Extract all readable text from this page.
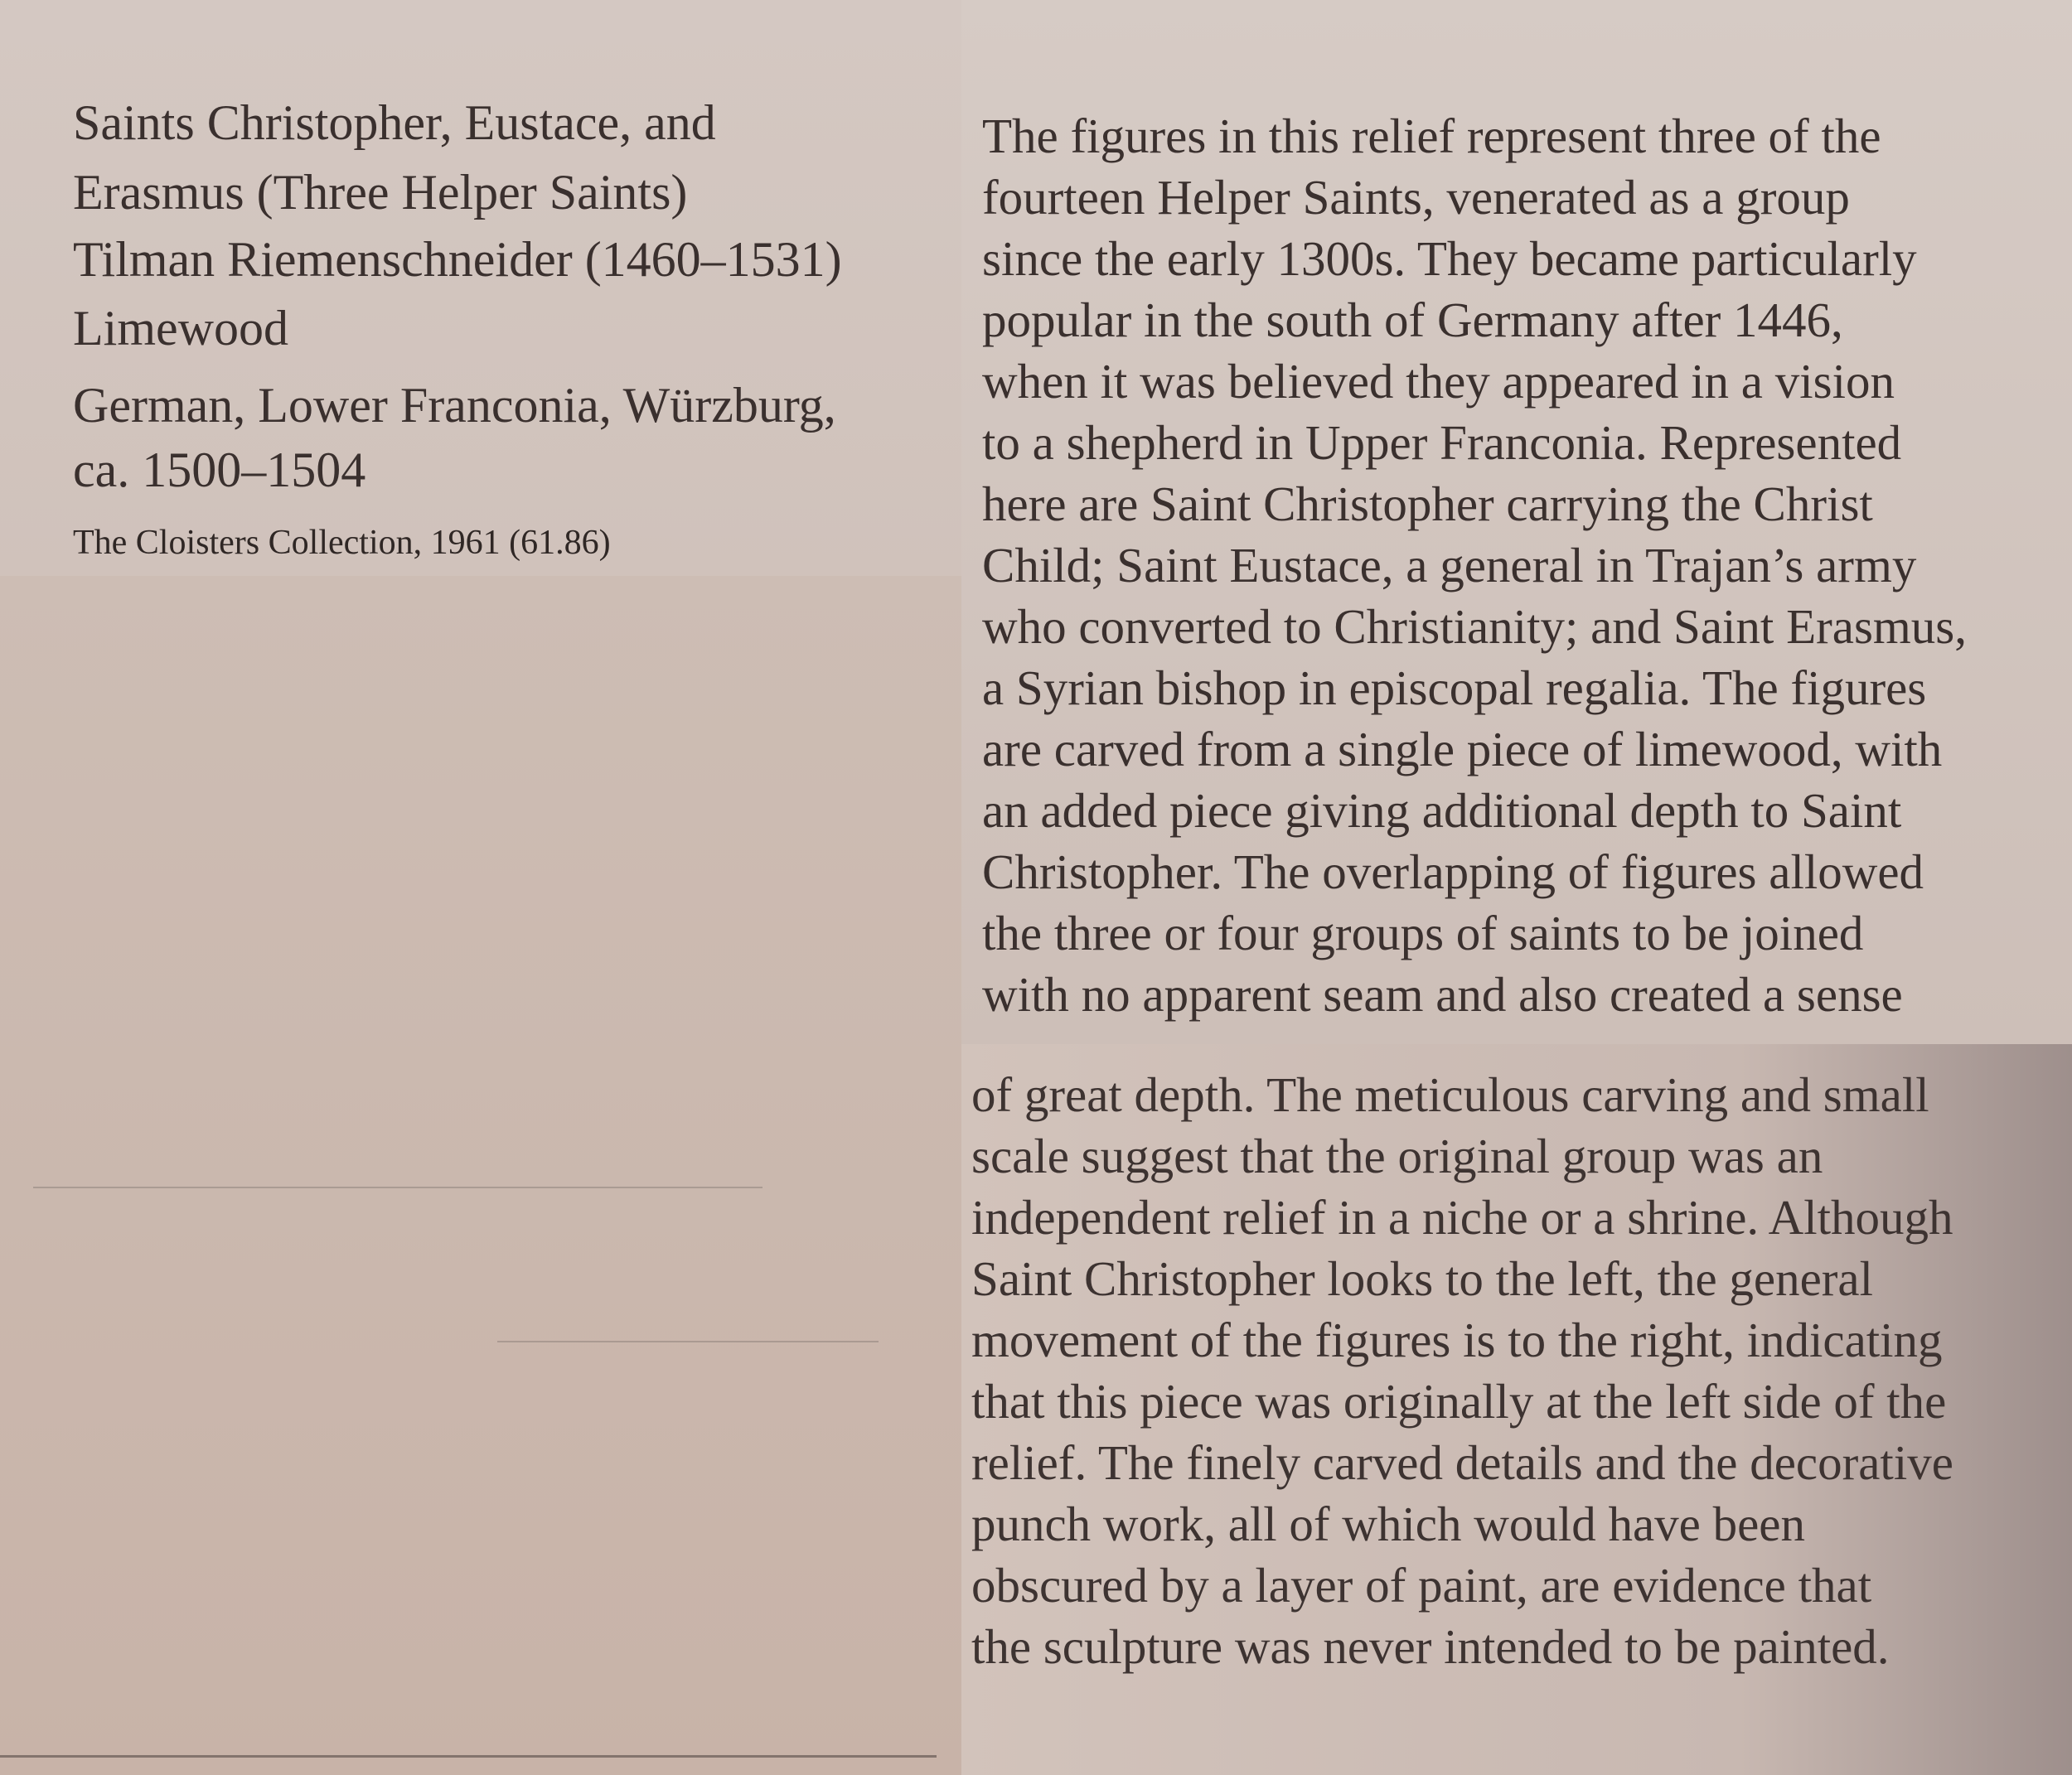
Saints Christopher, Eustace, and

Erasmus (Three Helper Saints)

Tilman Riemenschneider (1460–1531)

Limewood

German, Lower Franconia, Würzburg,

ca. 1500–1504

The Cloisters Collection, 1961 (61.86)

The figures in this relief represent three of the
fourteen Helper Saints, venerated as a group
since the early 1300s. They became particularly
popular in the south of Germany after 1446,
when it was believed they appeared in a vision
to a shepherd in Upper Franconia. Represented
here are Saint Christopher carrying the Christ
Child; Saint Eustace, a general in Trajan’s army
who converted to Christianity; and Saint Erasmus,
a Syrian bishop in episcopal regalia. The figures
are carved from a single piece of limewood, with
an added piece giving additional depth to Saint
Christopher. The overlapping of figures allowed
the three or four groups of saints to be joined
with no apparent seam and also created a sense
of great depth. The meticulous carving and small
scale suggest that the original group was an
independent relief in a niche or a shrine. Although
Saint Christopher looks to the left, the general
movement of the figures is to the right, indicating
that this piece was originally at the left side of the
relief. The finely carved details and the decorative
punch work, all of which would have been
obscured by a layer of paint, are evidence that
the sculpture was never intended to be painted.
